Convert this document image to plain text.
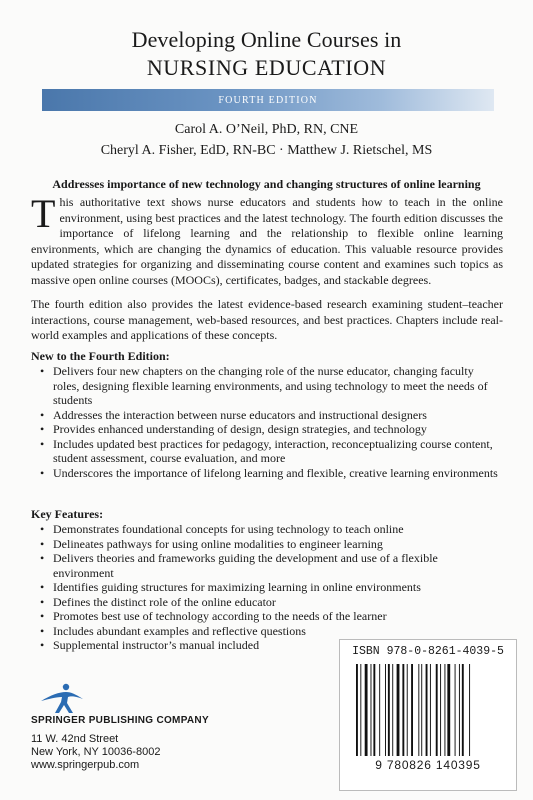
Developing Online Courses in
NURSING EDUCATION
FOURTH EDITION
Carol A. O’Neil, PhD, RN, CNE
Cheryl A. Fisher, EdD, RN-BC · Matthew J. Rietschel, MS
Addresses importance of new technology and changing structures of online learning
This authoritative text shows nurse educators and students how to teach in the online environment, using best practices and the latest technology. The fourth edition discusses the importance of lifelong learning and the relationship to flexible online learning environments, which are changing the dynamics of education. This valuable resource provides updated strategies for organizing and disseminating course content and examines such topics as massive open online courses (MOOCs), certificates, badges, and stackable degrees.
The fourth edition also provides the latest evidence-based research examining student–teacher interactions, course management, web-based resources, and best practices. Chapters include real-world examples and applications of these concepts.
New to the Fourth Edition:
• Delivers four new chapters on the changing role of the nurse educator, changing faculty roles, designing flexible learning environments, and using technology to meet the needs of students
• Addresses the interaction between nurse educators and instructional designers
• Provides enhanced understanding of design, design strategies, and technology
• Includes updated best practices for pedagogy, interaction, reconceptualizing course content, student assessment, course evaluation, and more
• Underscores the importance of lifelong learning and flexible, creative learning environments
Key Features:
• Demonstrates foundational concepts for using technology to teach online
• Delineates pathways for using online modalities to engineer learning
• Delivers theories and frameworks guiding the development and use of a flexible environment
• Identifies guiding structures for maximizing learning in online environments
• Defines the distinct role of the online educator
• Promotes best use of technology according to the needs of the learner
• Includes abundant examples and reflective questions
• Supplemental instructor’s manual included	ISBN 978-0-8261-4039-5
9 780826 140395
SPRINGER PUBLISHING COMPANY
11 W. 42nd Street
New York, NY 10036-8002
www.springerpub.com
